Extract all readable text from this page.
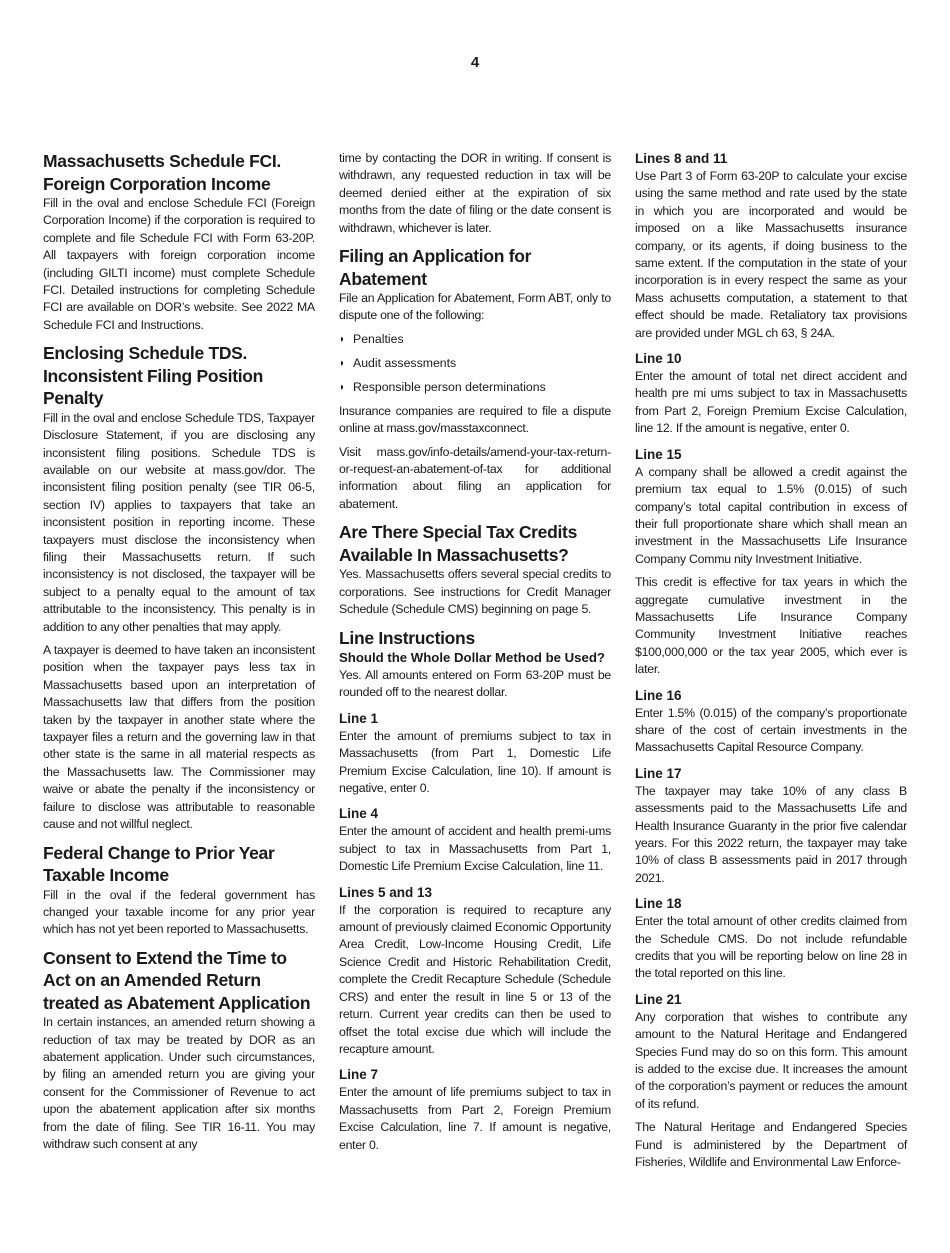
4
Massachusetts Schedule FCI. Foreign Corporation Income

Fill in the oval and enclose Schedule FCI (Foreign Corporation Income) if the corporation is required to complete and file Schedule FCI with Form 63-20P. All taxpayers with foreign corporation income (including GILTI income) must complete Schedule FCI. Detailed instructions for completing Schedule FCI are available on DOR’s website. See 2022 MA Schedule FCI and Instructions.

Enclosing Schedule TDS. Inconsistent Filing Position Penalty

Fill in the oval and enclose Schedule TDS, Taxpayer Disclosure Statement, if you are disclosing any inconsistent filing positions. Schedule TDS is available on our website at mass.gov/dor. The inconsistent filing position penalty (see TIR 06-5, section IV) applies to taxpayers that take an inconsistent position in reporting income. These taxpayers must disclose the inconsistency when filing their Massachusetts return. If such inconsistency is not disclosed, the taxpayer will be subject to a penalty equal to the amount of tax attributable to the inconsistency. This penalty is in addition to any other penalties that may apply.

A taxpayer is deemed to have taken an inconsistent position when the taxpayer pays less tax in Massachusetts based upon an interpretation of Massachusetts law that differs from the position taken by the taxpayer in another state where the taxpayer files a return and the governing law in that other state is the same in all material respects as the Massachusetts law. The Commissioner may waive or abate the penalty if the inconsistency or failure to disclose was attributable to reasonable cause and not willful neglect.

Federal Change to Prior Year Taxable Income

Fill in the oval if the federal government has changed your taxable income for any prior year which has not yet been reported to Massachusetts.

Consent to Extend the Time to Act on an Amended Return treated as Abatement Application

In certain instances, an amended return showing a reduction of tax may be treated by DOR as an abatement application. Under such circumstances, by filing an amended return you are giving your consent for the Commissioner of Revenue to act upon the abatement application after six months from the date of filing. See TIR 16-11. You may withdraw such consent at any

time by contacting the DOR in writing. If consent is withdrawn, any requested reduction in tax will be deemed denied either at the expiration of six months from the date of filing or the date consent is withdrawn, whichever is later.

Filing an Application for Abatement

File an Application for Abatement, Form ABT, only to dispute one of the following:

◗ Penalties
◗ Audit assessments
◗ Responsible person determinations

Insurance companies are required to file a dispute online at mass.gov/masstaxconnect.

Visit mass.gov/info-details/amend-your-tax-return-or-request-an-abatement-of-tax for additional information about filing an application for abatement.

Are There Special Tax Credits Available In Massachusetts?

Yes. Massachusetts offers several special credits to corporations. See instructions for Credit Manager Schedule (Schedule CMS) beginning on page 5.

Line Instructions
Should the Whole Dollar Method be Used?

Yes. All amounts entered on Form 63-20P must be rounded off to the nearest dollar.

Line 1

Enter the amount of premiums subject to tax in Massachusetts (from Part 1, Domestic Life Premium Excise Calculation, line 10). If amount is negative, enter 0.

Line 4

Enter the amount of accident and health premi-ums subject to tax in Massachusetts from Part 1, Domestic Life Premium Excise Calculation, line 11.

Lines 5 and 13

If the corporation is required to recapture any amount of previously claimed Economic Opportunity Area Credit, Low-Income Housing Credit, Life Science Credit and Historic Rehabilitation Credit, complete the Credit Recapture Schedule (Schedule CRS) and enter the result in line 5 or 13 of the return. Current year credits can then be used to offset the total excise due which will include the recapture amount.

Line 7

Enter the amount of life premiums subject to tax in Massachusetts from Part 2, Foreign Premium Excise Calculation, line 7. If amount is negative, enter 0.

Lines 8 and 11

Use Part 3 of Form 63-20P to calculate your excise using the same method and rate used by the state in which you are incorporated and would be imposed on a like Massachusetts insurance company, or its agents, if doing business to the same extent. If the computation in the state of your incorporation is in every respect the same as your Mass achusetts computation, a statement to that effect should be made. Retaliatory tax provisions are provided under MGL ch 63, § 24A.

Line 10

Enter the amount of total net direct accident and health pre mi ums subject to tax in Massachusetts from Part 2, Foreign Premium Excise Calculation, line 12. If the amount is negative, enter 0.

Line 15

A company shall be allowed a credit against the premium tax equal to 1.5% (0.015) of such company’s total capital contribution in excess of their full proportionate share which shall mean an investment in the Massachusetts Life Insurance Company Commu nity Investment Initiative.

This credit is effective for tax years in which the aggregate cumulative investment in the Massachusetts Life Insurance Company Community Investment Initiative reaches $100,000,000 or the tax year 2005, which ever is later.

Line 16

Enter 1.5% (0.015) of the company’s proportionate share of the cost of certain investments in the Massachusetts Capital Resource Company.

Line 17

The taxpayer may take 10% of any class B assessments paid to the Massachusetts Life and Health Insurance Guaranty in the prior five calendar years. For this 2022 return, the taxpayer may take 10% of class B assessments paid in 2017 through 2021.

Line 18

Enter the total amount of other credits claimed from the Schedule CMS. Do not include refundable credits that you will be reporting below on line 28 in the total reported on this line.

Line 21

Any corporation that wishes to contribute any amount to the Natural Heritage and Endangered Species Fund may do so on this form. This amount is added to the excise due. It increases the amount of the corporation’s payment or reduces the amount of its refund.

The Natural Heritage and Endangered Species Fund is administered by the Department of Fisheries, Wildlife and Environmental Law Enforce-
